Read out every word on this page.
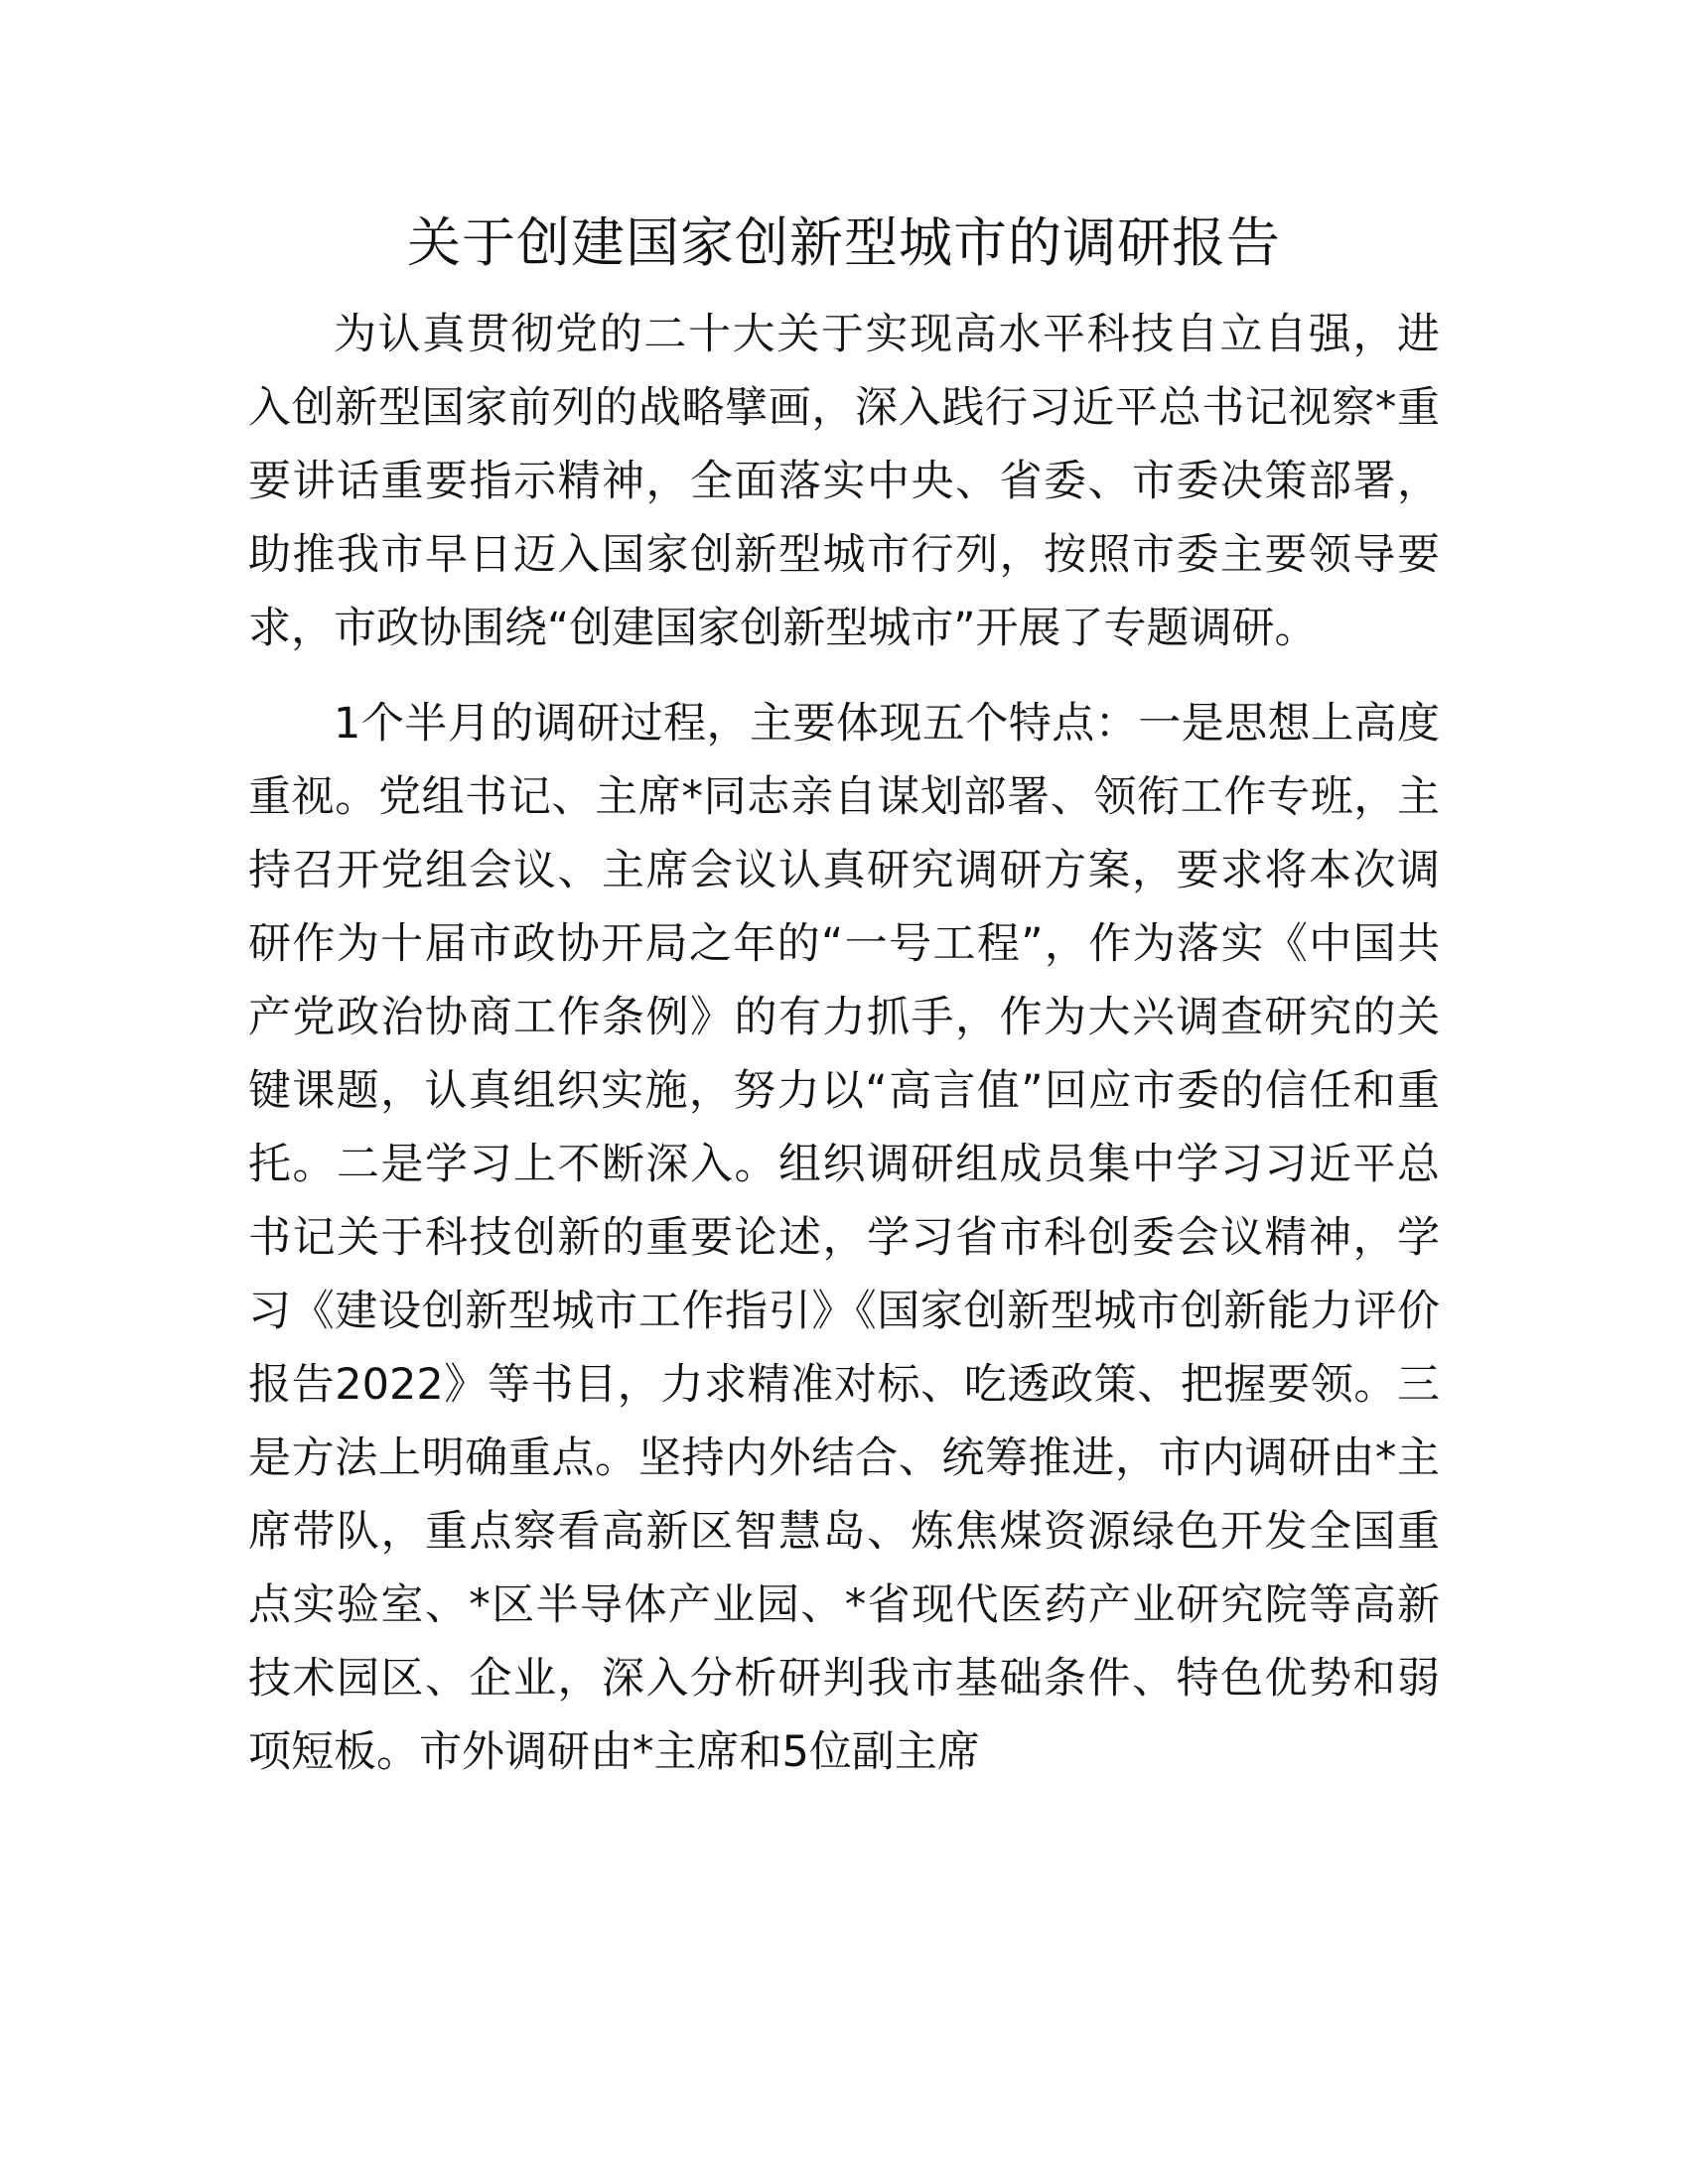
关于创建国家创新型城市的调研报告

为认真贯彻党的二十大关于实现高水平科技自立自强，进入创新型国家前列的战略擘画，深入践行习近平总书记视察*重要讲话重要指示精神，全面落实中央、省委、市委决策部署，助推我市早日迈入国家创新型城市行列，按照市委主要领导要求，市政协围绕“创建国家创新型城市”开展了专题调研。

1个半月的调研过程，主要体现五个特点：一是思想上高度重视。党组书记、主席*同志亲自谋划部署、领衔工作专班，主持召开党组会议、主席会议认真研究调研方案，要求将本次调研作为十届市政协开局之年的“一号工程”，作为落实《中国共产党政治协商工作条例》的有力抓手，作为大兴调查研究的关键课题，认真组织实施，努力以“高言值”回应市委的信任和重托。二是学习上不断深入。组织调研组成员集中学习习近平总书记关于科技创新的重要论述，学习省市科创委会议精神，学习《建设创新型城市工作指引》《国家创新型城市创新能力评价报告2022》等书目，力求精准对标、吃透政策、把握要领。三是方法上明确重点。坚持内外结合、统筹推进，市内调研由*主席带队，重点察看高新区智慧岛、炼焦煤资源绿色开发全国重点实验室、*区半导体产业园、*省现代医药产业研究院等高新技术园区、企业，深入分析研判我市基础条件、特色优势和弱项短板。市外调研由*主席和5位副主席
